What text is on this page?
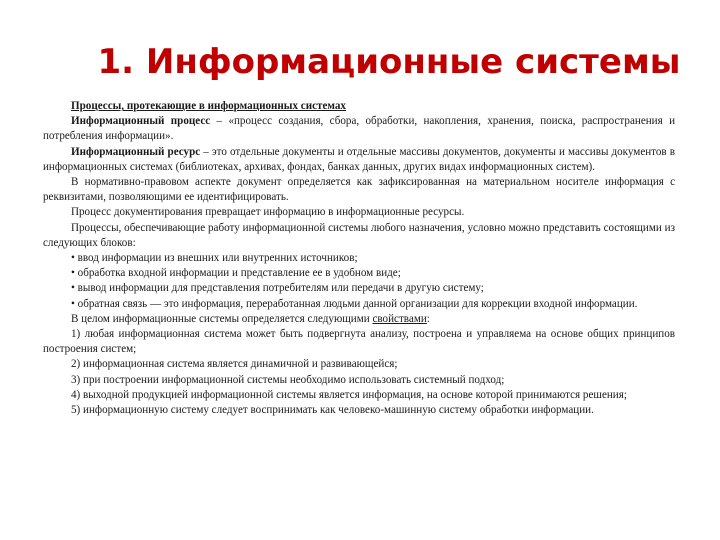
1. Информационные системы

Процессы, протекающие в информационных системах

Информационный процесс – «процесс создания, сбора, обработки, накопления, хранения, поиска, распространения и потребления информации».

Информационный ресурс – это отдельные документы и отдельные массивы документов, документы и массивы документов в информационных системах (библиотеках, архивах, фондах, банках данных, других видах информационных систем).

В нормативно-правовом аспекте документ определяется как зафиксированная на материальном носителе информация с реквизитами, позволяющими ее идентифицировать.

Процесс документирования превращает информацию в информационные ресурсы.

Процессы, обеспечивающие работу информационной системы любого назначения, условно можно представить состоящими из следующих блоков:

• ввод информации из внешних или внутренних источников;

• обработка входной информации и представление ее в удобном виде;

• вывод информации для представления потребителям или передачи в другую систему;

• обратная связь — это информация, переработанная людьми данной организации для коррекции входной информации.

В целом информационные системы определяется следующими свойствами:

1) любая информационная система может быть подвергнута анализу, построена и управляема на основе общих принципов построения систем;

2) информационная система является динамичной и развивающейся;

3) при построении информационной системы необходимо использовать системный подход;

4) выходной продукцией информационной системы является информация, на основе которой принимаются решения;

5) информационную систему следует воспринимать как человеко-машинную систему обработки информации.
